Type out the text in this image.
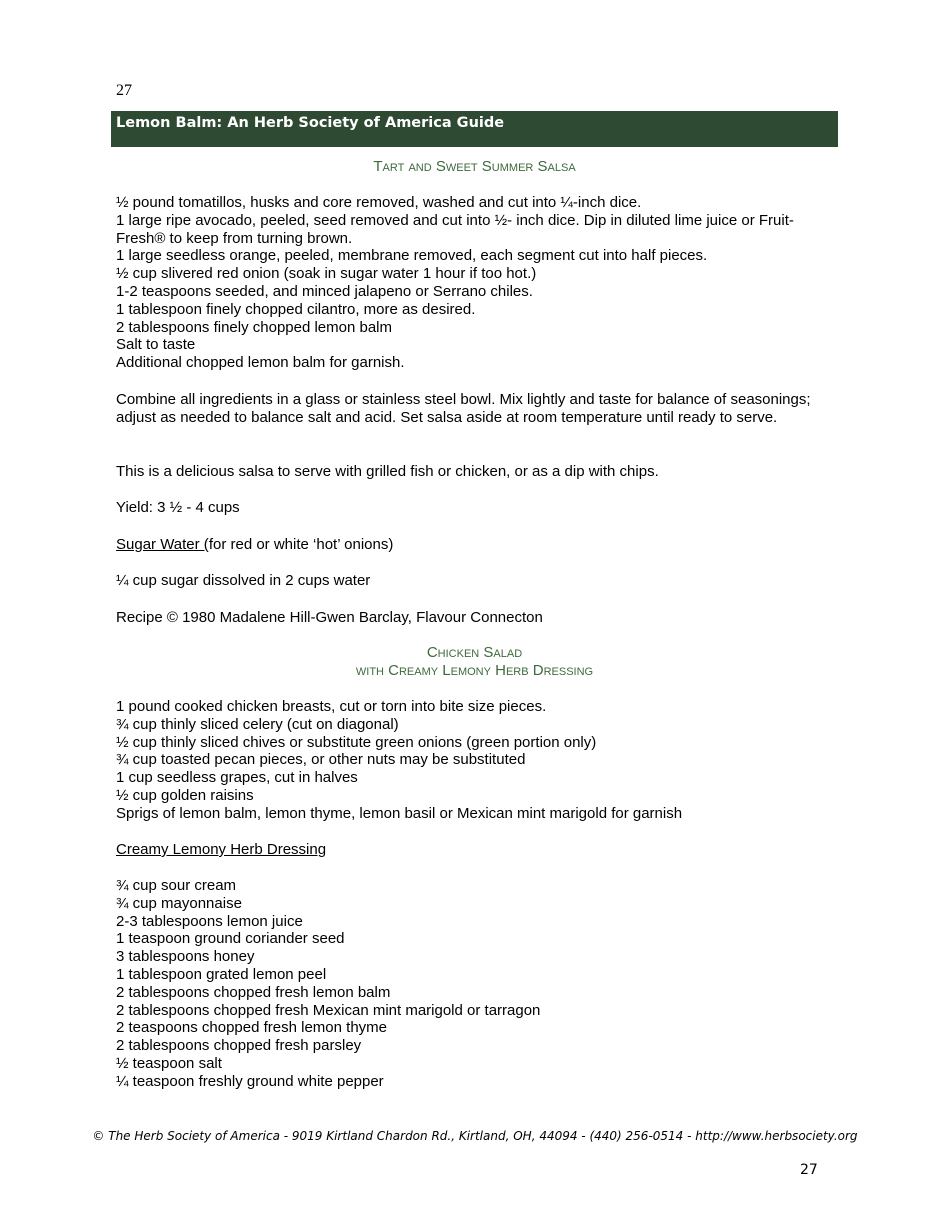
27
Lemon Balm: An Herb Society of America Guide
Tart and Sweet Summer Salsa
½ pound tomatillos, husks and core removed, washed and cut into ¼-inch dice.
1 large ripe avocado, peeled, seed removed and cut into ½- inch dice. Dip in diluted lime juice or Fruit-Fresh® to keep from turning brown.
1 large seedless orange, peeled, membrane removed, each segment cut into half pieces.
½ cup slivered red onion (soak in sugar water 1 hour if too hot.)
1-2 teaspoons seeded, and minced jalapeno or Serrano chiles.
1 tablespoon finely chopped cilantro, more as desired.
2 tablespoons finely chopped lemon balm
Salt to taste
Additional chopped lemon balm for garnish.
Combine all ingredients in a glass or stainless steel bowl. Mix lightly and taste for balance of seasonings; adjust as needed to balance salt and acid. Set salsa aside at room temperature until ready to serve.
This is a delicious salsa to serve with grilled fish or chicken, or as a dip with chips.
Yield: 3 ½ - 4 cups
Sugar Water (for red or white ‘hot’ onions)
¼ cup sugar dissolved in 2 cups water
Recipe © 1980 Madalene Hill-Gwen Barclay, Flavour Connecton
Chicken Salad
with Creamy Lemony Herb Dressing
1 pound cooked chicken breasts, cut or torn into bite size pieces.
¾ cup thinly sliced celery (cut on diagonal)
½ cup thinly sliced chives or substitute green onions (green portion only)
¾ cup toasted pecan pieces, or other nuts may be substituted
1 cup seedless grapes, cut in halves
½ cup golden raisins
Sprigs of lemon balm, lemon thyme, lemon basil or Mexican mint marigold for garnish
Creamy Lemony Herb Dressing
¾ cup sour cream
¾ cup mayonnaise
2-3 tablespoons lemon juice
1 teaspoon ground coriander seed
3 tablespoons honey
1 tablespoon grated lemon peel
2 tablespoons chopped fresh lemon balm
2 tablespoons chopped fresh Mexican mint marigold or tarragon
2 teaspoons chopped fresh lemon thyme
2 tablespoons chopped fresh parsley
½ teaspoon salt
¼ teaspoon freshly ground white pepper
© The Herb Society of America - 9019 Kirtland Chardon Rd., Kirtland, OH, 44094 - (440) 256-0514 - http://www.herbsociety.org
27
